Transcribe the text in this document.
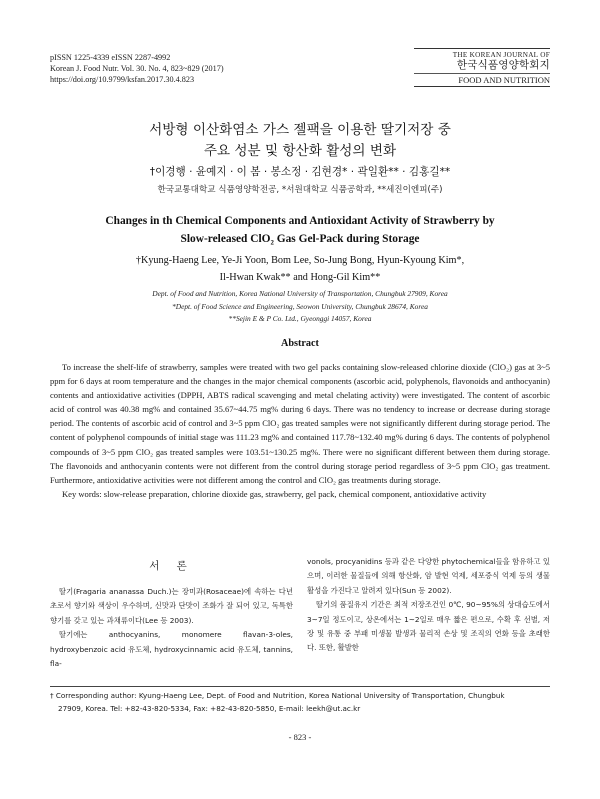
pISSN 1225-4339 eISSN 2287-4992
Korean J. Food Nutr. Vol. 30. No. 4, 823~829 (2017)
https://doi.org/10.9799/ksfan.2017.30.4.823
THE KOREAN JOURNAL OF
한국식품영양학회지
FOOD AND NUTRITION
서방형 이산화염소 가스 젤팩을 이용한 딸기저장 중
주요 성분 및 항산화 활성의 변화
†이경행 · 윤예지 · 이 봄 · 봉소정 · 김현경* · 곽일환** · 김홍길**
한국교통대학교 식품영양학전공, *서원대학교 식품공학과, **세진이엔피(주)
Changes in th Chemical Components and Antioxidant Activity of Strawberry by
Slow-released ClO₂ Gas Gel-Pack during Storage
†Kyung-Haeng Lee, Ye-Ji Yoon, Bom Lee, So-Jung Bong, Hyun-Kyoung Kim*,
Il-Hwan Kwak** and Hong-Gil Kim**
Dept. of Food and Nutrition, Korea National University of Transportation, Chungbuk 27909, Korea
*Dept. of Food Science and Engineering, Seowon University, Chungbuk 28674, Korea
**Sejin E & P Co. Ltd., Gyeonggi 14057, Korea
Abstract

To increase the shelf-life of strawberry, samples were treated with two gel packs containing slow-released chlorine dioxide (ClO₂) gas at 3~5 ppm for 6 days at room temperature and the changes in the major chemical components (ascorbic acid, polyphenols, flavonoids and anthocyanin) contents and antioxidative activities (DPPH, ABTS radical scavenging and metal chelating activity) were investigated. The content of ascorbic acid of control was 40.38 mg% and contained 35.67~44.75 mg% during 6 days. There was no tendency to increase or decrease during storage period. The contents of ascorbic acid of control and 3~5 ppm ClO₂ gas treated samples were not significantly different during storage period. The content of polyphenol compounds of initial stage was 111.23 mg% and contained 117.78~132.40 mg% during 6 days. The contents of polyphenol compounds of 3~5 ppm ClO₂ gas treated samples were 103.51~130.25 mg%. There were no significant different between them during storage. The flavonoids and anthocyanin contents were not different from the control during storage period regardless of 3~5 ppm ClO₂ gas treatment. Furthermore, antioxidative activities were not different among the control and ClO₂ gas treatments during storage.

Key words: slow-release preparation, chlorine dioxide gas, strawberry, gel pack, chemical component, antioxidative activity

서 론

딸기(Fragaria ananassa Duch.)는 장미과(Rosaceae)에 속하는 다년초로서 향기와 색상이 우수하며, 신맛과 단맛이 조화가 잘 되어 있고, 독특한 향기를 갖고 있는 과채류이다(Lee 등 2003).

딸기에는 anthocyanins, monomere flavan-3-oles, hydroxybenzoic acid 유도체, hydroxycinnamic acid 유도체, tannins, fla-

vonols, procyanidins 등과 같은 다양한 phytochemical들을 함유하고 있으며, 이러한 물질들에 의해 항산화, 암 발현 억제, 세포증식 억제 등의 생물활성을 가진다고 알려져 있다(Sun 등 2002).

딸기의 품질유지 기간은 최적 저장조건인 0℃, 90~95%의 상대습도에서 3~7일 정도이고, 상온에서는 1~2일로 매우 짧은 편으로, 수확 후 선별, 저장 및 유통 중 부패 미생물 발생과 물리적 손상 및 조직의 연화 등을 초래한다. 또한, 활발한

† Corresponding author: Kyung-Haeng Lee, Dept. of Food and Nutrition, Korea National University of Transportation, Chungbuk
27909, Korea. Tel: +82-43-820-5334, Fax: +82-43-820-5850, E-mail: leekh@ut.ac.kr
- 823 -
